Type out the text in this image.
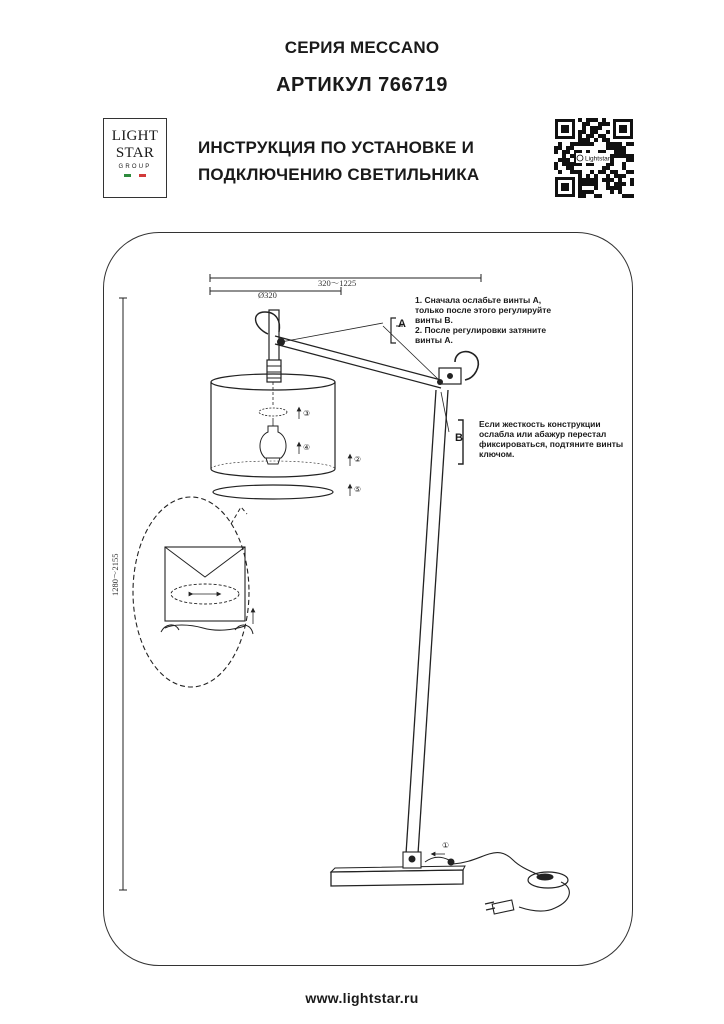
СЕРИЯ MECCANO
АРТИКУЛ 766719
LIGHT
STAR
GROUP
ИНСТРУКЦИЯ ПО УСТАНОВКЕ И
ПОДКЛЮЧЕНИЮ СВЕТИЛЬНИКА
Lightstar
320～1225
Ø320
1280～2155
A
B
③
④
②
⑤
①
1. Сначала ослабьте винты А,
только после этого регулируйте
винты В.
2. После регулировки затяните
винты А.
Если жесткость конструкции
ослабла или абажур перестал
фиксироваться, подтяните винты
ключом.
www.lightstar.ru
